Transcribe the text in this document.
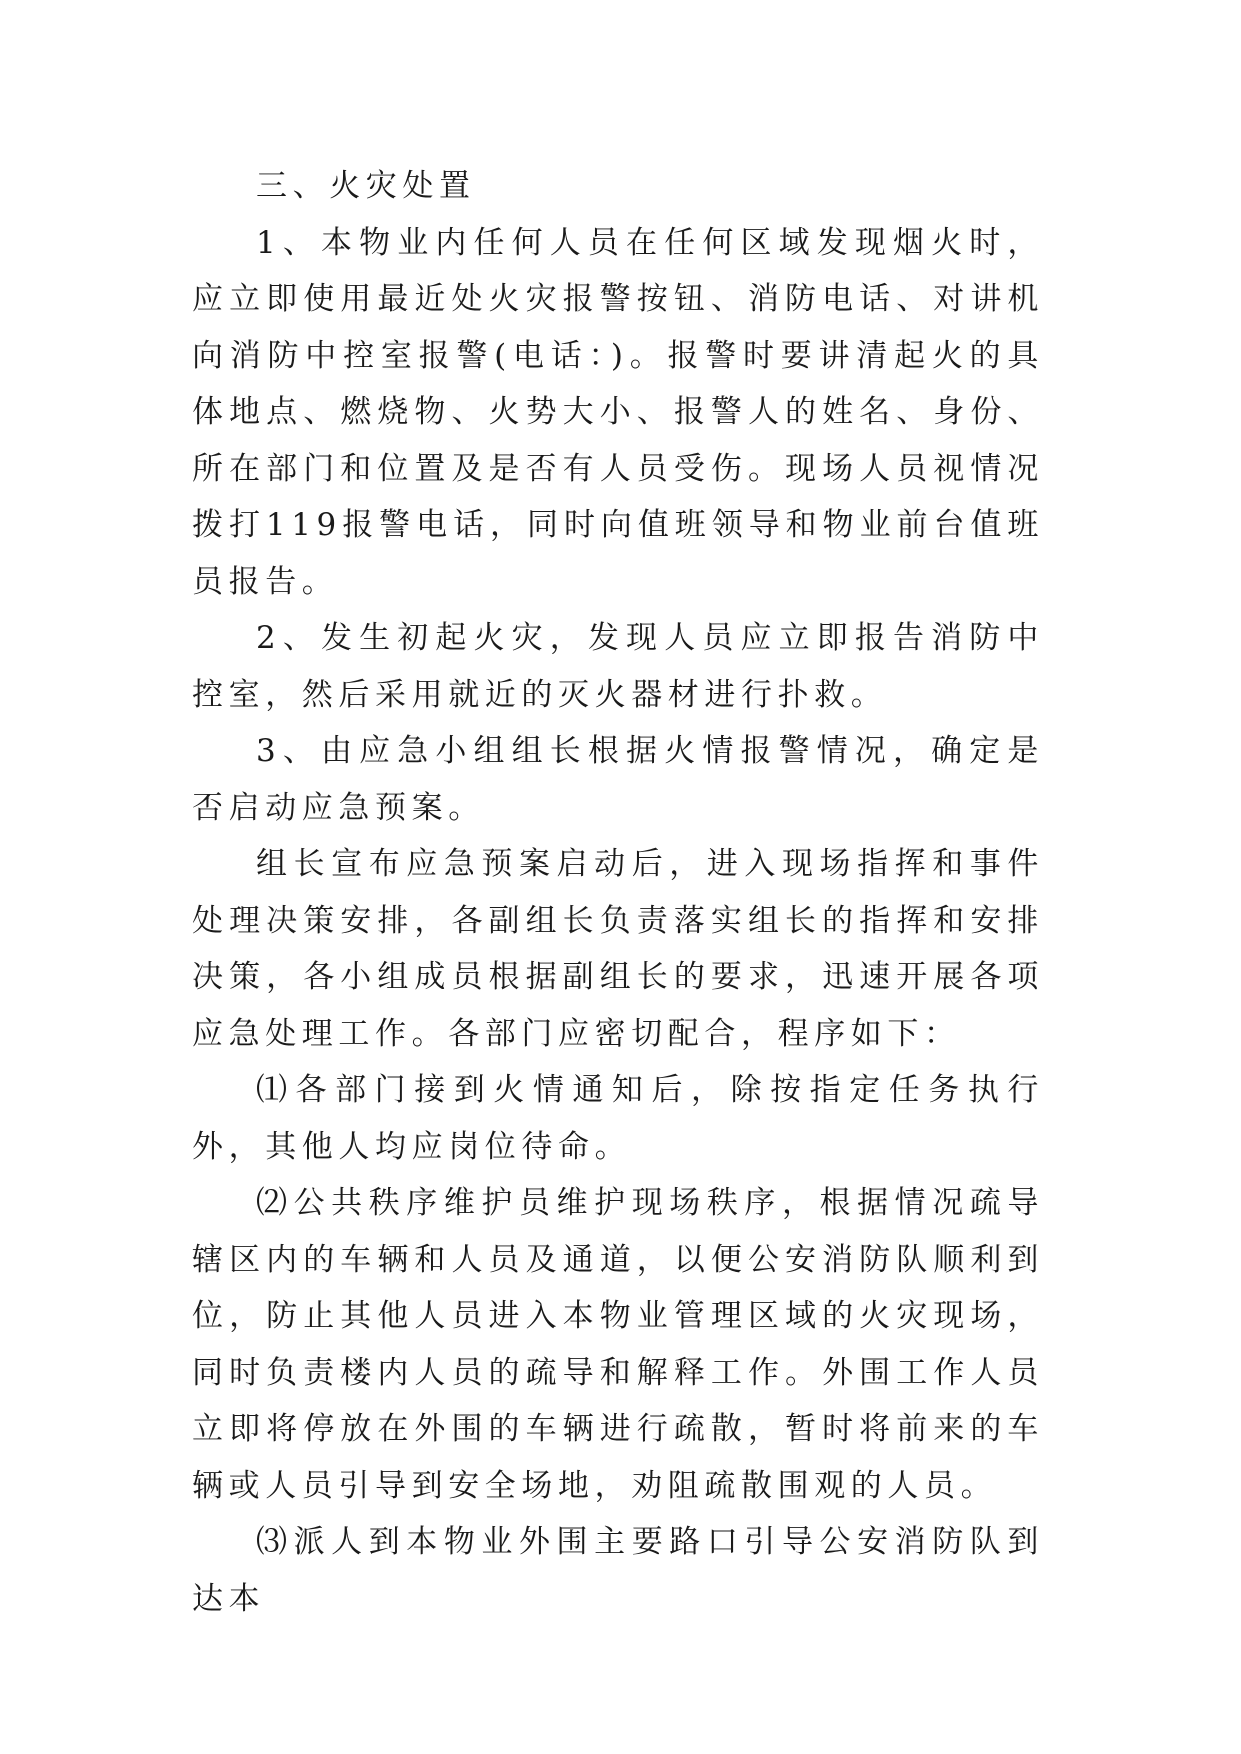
三、火灾处置

1、本物业内任何人员在任何区域发现烟火时，应立即使用最近处火灾报警按钮、消防电话、对讲机向消防中控室报警(电话：)。报警时要讲清起火的具体地点、燃烧物、火势大小、报警人的姓名、身份、所在部门和位置及是否有人员受伤。现场人员视情况拨打119报警电话，同时向值班领导和物业前台值班员报告。

2、发生初起火灾，发现人员应立即报告消防中控室，然后采用就近的灭火器材进行扑救。

3、由应急小组组长根据火情报警情况，确定是否启动应急预案。

组长宣布应急预案启动后，进入现场指挥和事件处理决策安排，各副组长负责落实组长的指挥和安排决策，各小组成员根据副组长的要求，迅速开展各项应急处理工作。各部门应密切配合，程序如下：

⑴各部门接到火情通知后，除按指定任务执行外，其他人均应岗位待命。

⑵公共秩序维护员维护现场秩序，根据情况疏导辖区内的车辆和人员及通道，以便公安消防队顺利到位，防止其他人员进入本物业管理区域的火灾现场，同时负责楼内人员的疏导和解释工作。外围工作人员立即将停放在外围的车辆进行疏散，暂时将前来的车辆或人员引导到安全场地，劝阻疏散围观的人员。

⑶派人到本物业外围主要路口引导公安消防队到达本
